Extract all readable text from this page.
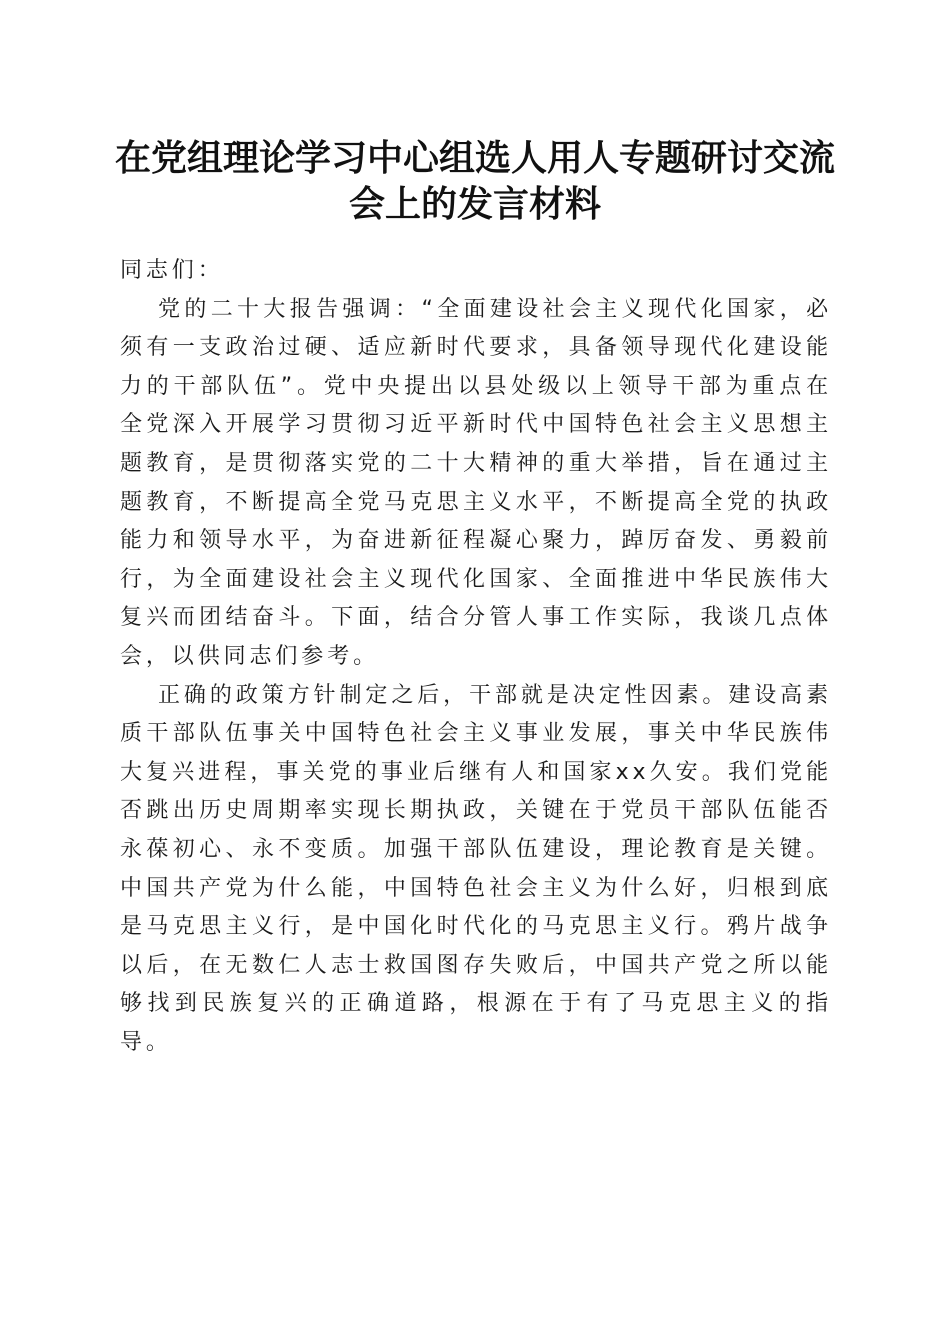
在党组理论学习中心组选人用人专题研讨交流会上的发言材料

同志们：

党的二十大报告强调：“全面建设社会主义现代化国家，必须有一支政治过硬、适应新时代要求，具备领导现代化建设能力的干部队伍”。党中央提出以县处级以上领导干部为重点在全党深入开展学习贯彻习近平新时代中国特色社会主义思想主题教育，是贯彻落实党的二十大精神的重大举措，旨在通过主题教育，不断提高全党马克思主义水平，不断提高全党的执政能力和领导水平，为奋进新征程凝心聚力，踔厉奋发、勇毅前行，为全面建设社会主义现代化国家、全面推进中华民族伟大复兴而团结奋斗。下面，结合分管人事工作实际，我谈几点体会，以供同志们参考。

正确的政策方针制定之后，干部就是决定性因素。建设高素质干部队伍事关中国特色社会主义事业发展，事关中华民族伟大复兴进程，事关党的事业后继有人和国家xx久安。我们党能否跳出历史周期率实现长期执政，关键在于党员干部队伍能否永葆初心、永不变质。加强干部队伍建设，理论教育是关键。中国共产党为什么能，中国特色社会主义为什么好，归根到底是马克思主义行，是中国化时代化的马克思主义行。鸦片战争以后，在无数仁人志士救国图存失败后，中国共产党之所以能够找到民族复兴的正确道路，根源在于有了马克思主义的指导。
